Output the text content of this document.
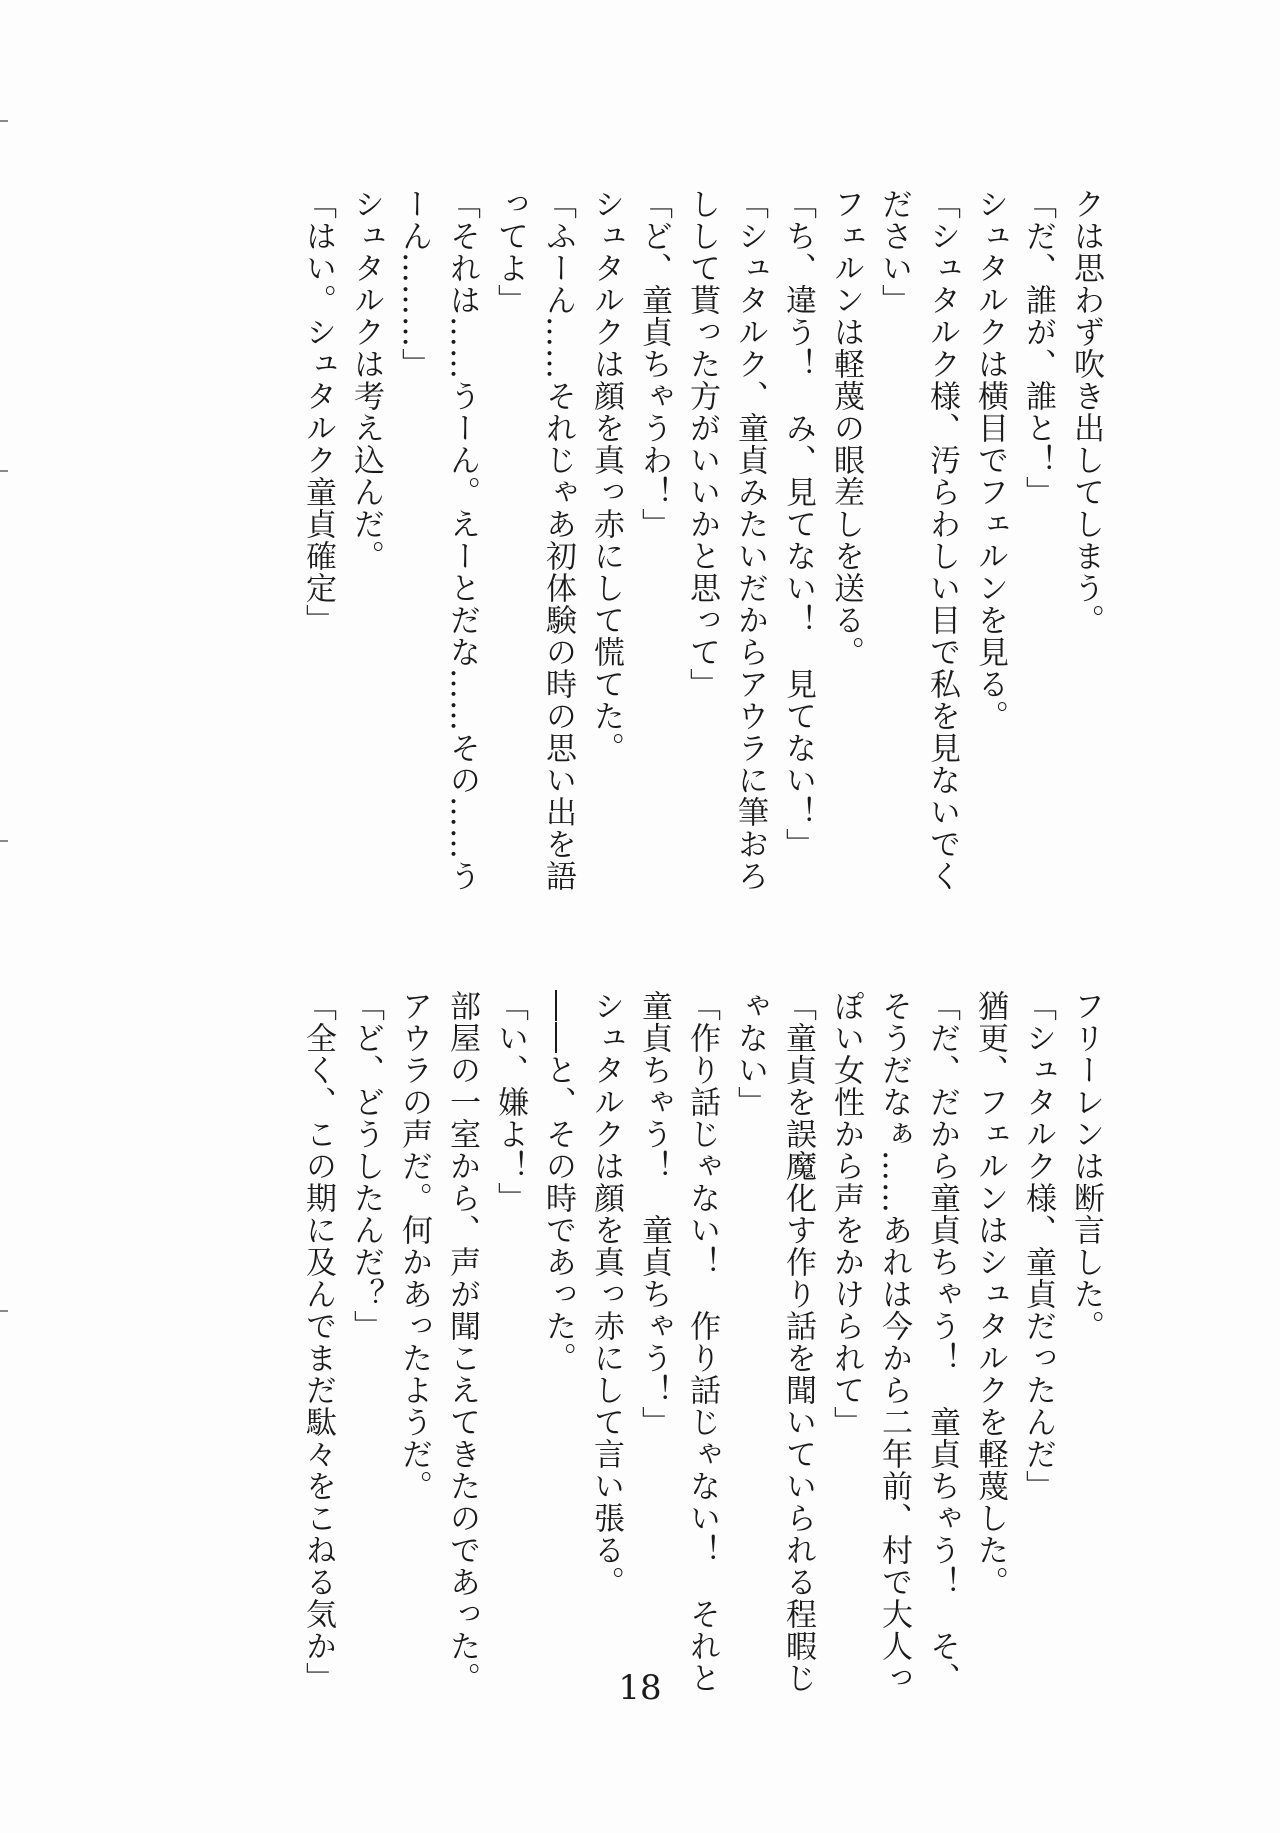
クは思わず吹き出してしまう。
「だ、誰が、誰と！」
シュタルクは横目でフェルンを見る。
「シュタルク様、汚らわしい目で私を見ないでく
ださい」
フェルンは軽蔑の眼差しを送る。
「ち、違う！　み、見てない！　見てない！」
「シュタルク、童貞みたいだからアウラに筆おろ
しして貰った方がいいかと思って」
「ど、童貞ちゃうわ！」
シュタルクは顔を真っ赤にして慌てた。
「ふーん……それじゃあ初体験の時の思い出を語
ってよ」
「それは……うーん。えーとだな……その……う
ーん………」
シュタルクは考え込んだ。
「はい。シュタルク童貞確定」
フリーレンは断言した。
「シュタルク様、童貞だったんだ」
猶更、フェルンはシュタルクを軽蔑した。
「だ、だから童貞ちゃう！　童貞ちゃう！　そ、
そうだなぁ……あれは今から二年前、村で大人っ
ぽい女性から声をかけられて」
「童貞を誤魔化す作り話を聞いていられる程暇じ
ゃない」
「作り話じゃない！　作り話じゃない！　それと
童貞ちゃう！　童貞ちゃう！」
シュタルクは顔を真っ赤にして言い張る。
――と、その時であった。
「い、嫌よ！」
部屋の一室から、声が聞こえてきたのであった。
アウラの声だ。何かあったようだ。
「ど、どうしたんだ？」
「全く、この期に及んでまだ駄々をこねる気か」	18
